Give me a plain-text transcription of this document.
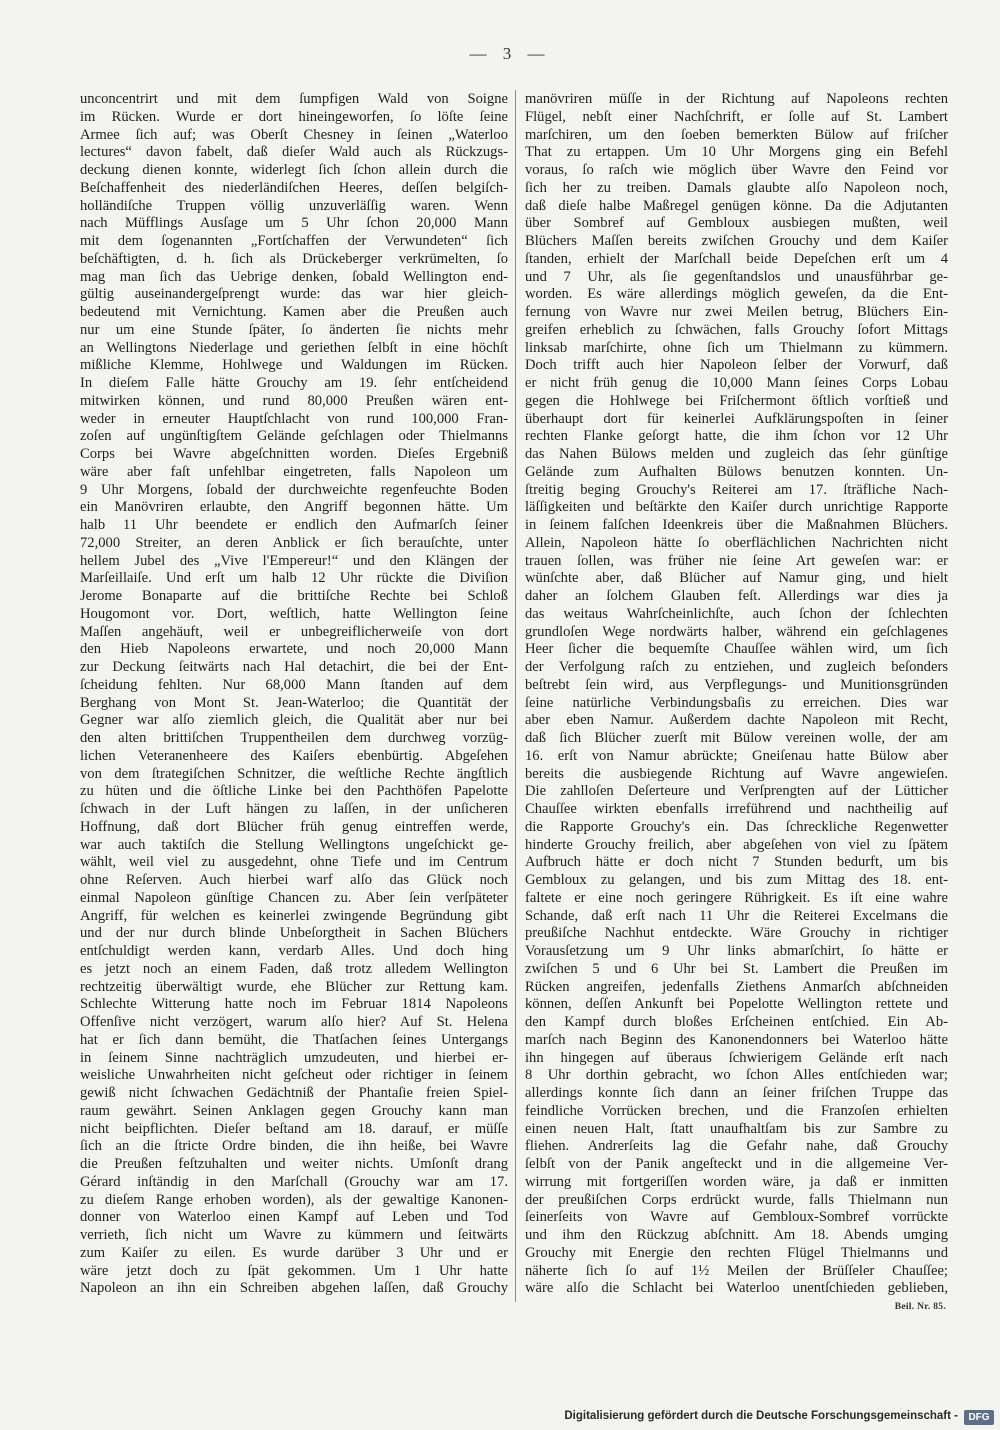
— 3 —
unconcentrirt und mit dem ſumpfigen Wald von Soigne
im Rücken. Wurde er dort hineingeworfen, ſo löſte ſeine
Armee ſich auf; was Oberſt Chesney in ſeinen „Waterloo
lectures“ davon fabelt, daß dieſer Wald auch als Rückzugs-
deckung dienen konnte, widerlegt ſich ſchon allein durch die
Beſchaffenheit des niederländiſchen Heeres, deſſen belgiſch-
holländiſche Truppen völlig unzuverläſſig waren. Wenn
nach Müfflings Ausſage um 5 Uhr ſchon 20,000 Mann
mit dem ſogenannten „Fortſchaffen der Verwundeten“ ſich
beſchäftigten, d. h. ſich als Drückeberger verkrümelten, ſo
mag man ſich das Uebrige denken, ſobald Wellington end-
gültig auseinandergeſprengt wurde: das war hier gleich-
bedeutend mit Vernichtung. Kamen aber die Preußen auch
nur um eine Stunde ſpäter, ſo änderten ſie nichts mehr
an Wellingtons Niederlage und geriethen ſelbſt in eine höchſt
mißliche Klemme, Hohlwege und Waldungen im Rücken.
In dieſem Falle hätte Grouchy am 19. ſehr entſcheidend
mitwirken können, und rund 80,000 Preußen wären ent-
weder in erneuter Hauptſchlacht von rund 100,000 Fran-
zoſen auf ungünſtigſtem Gelände geſchlagen oder Thielmanns
Corps bei Wavre abgeſchnitten worden. Dieſes Ergebniß
wäre aber faſt unfehlbar eingetreten, falls Napoleon um
9 Uhr Morgens, ſobald der durchweichte regenfeuchte Boden
ein Manövriren erlaubte, den Angriff begonnen hätte. Um
halb 11 Uhr beendete er endlich den Aufmarſch ſeiner
72,000 Streiter, an deren Anblick er ſich berauſchte, unter
hellem Jubel des „Vive l'Empereur!“ und den Klängen der
Marſeillaiſe. Und erſt um halb 12 Uhr rückte die Diviſion
Jerome Bonaparte auf die brittiſche Rechte bei Schloß
Hougomont vor. Dort, weſtlich, hatte Wellington ſeine
Maſſen angehäuft, weil er unbegreiflicherweiſe von dort
den Hieb Napoleons erwartete, und noch 20,000 Mann
zur Deckung ſeitwärts nach Hal detachirt, die bei der Ent-
ſcheidung fehlten. Nur 68,000 Mann ſtanden auf dem
Berghang von Mont St. Jean-Waterloo; die Quantität der
Gegner war alſo ziemlich gleich, die Qualität aber nur bei
den alten brittiſchen Truppentheilen dem durchweg vorzüg-
lichen Veteranenheere des Kaiſers ebenbürtig. Abgeſehen
von dem ſtrategiſchen Schnitzer, die weſtliche Rechte ängſtlich
zu hüten und die öſtliche Linke bei den Pachthöfen Papelotte
ſchwach in der Luft hängen zu laſſen, in der unſicheren
Hoffnung, daß dort Blücher früh genug eintreffen werde,
war auch taktiſch die Stellung Wellingtons ungeſchickt ge-
wählt, weil viel zu ausgedehnt, ohne Tiefe und im Centrum
ohne Reſerven. Auch hierbei warf alſo das Glück noch
einmal Napoleon günſtige Chancen zu. Aber ſein verſpäteter
Angriff, für welchen es keinerlei zwingende Begründung gibt
und der nur durch blinde Unbeſorgtheit in Sachen Blüchers
entſchuldigt werden kann, verdarb Alles. Und doch hing
es jetzt noch an einem Faden, daß trotz alledem Wellington
rechtzeitig überwältigt wurde, ehe Blücher zur Rettung kam.
Schlechte Witterung hatte noch im Februar 1814 Napoleons
Offenſive nicht verzögert, warum alſo hier? Auf St. Helena
hat er ſich dann bemüht, die Thatſachen ſeines Untergangs
in ſeinem Sinne nachträglich umzudeuten, und hierbei er-
weisliche Unwahrheiten nicht geſcheut oder richtiger in ſeinem
gewiß nicht ſchwachen Gedächtniß der Phantaſie freien Spiel-
raum gewährt. Seinen Anklagen gegen Grouchy kann man
nicht beipflichten. Dieſer beſtand am 18. darauf, er müſſe
ſich an die ſtricte Ordre binden, die ihn heiße, bei Wavre
die Preußen feſtzuhalten und weiter nichts. Umſonſt drang
Gérard inſtändig in den Marſchall (Grouchy war am 17.
zu dieſem Range erhoben worden), als der gewaltige Kanonen-
donner von Waterloo einen Kampf auf Leben und Tod
verrieth, ſich nicht um Wavre zu kümmern und ſeitwärts
zum Kaiſer zu eilen. Es wurde darüber 3 Uhr und er
wäre jetzt doch zu ſpät gekommen. Um 1 Uhr hatte
Napoleon an ihn ein Schreiben abgehen laſſen, daß Grouchy
manövriren müſſe in der Richtung auf Napoleons rechten
Flügel, nebſt einer Nachſchrift, er ſolle auf St. Lambert
marſchiren, um den ſoeben bemerkten Bülow auf friſcher
That zu ertappen. Um 10 Uhr Morgens ging ein Befehl
voraus, ſo raſch wie möglich über Wavre den Feind vor
ſich her zu treiben. Damals glaubte alſo Napoleon noch,
daß dieſe halbe Maßregel genügen könne. Da die Adjutanten
über Sombref auf Gembloux ausbiegen mußten, weil
Blüchers Maſſen bereits zwiſchen Grouchy und dem Kaiſer
ſtanden, erhielt der Marſchall beide Depeſchen erſt um 4
und 7 Uhr, als ſie gegenſtandslos und unausführbar ge-
worden. Es wäre allerdings möglich geweſen, da die Ent-
fernung von Wavre nur zwei Meilen betrug, Blüchers Ein-
greifen erheblich zu ſchwächen, falls Grouchy ſofort Mittags
linksab marſchirte, ohne ſich um Thielmann zu kümmern.
Doch trifft auch hier Napoleon ſelber der Vorwurf, daß
er nicht früh genug die 10,000 Mann ſeines Corps Lobau
gegen die Hohlwege bei Friſchermont öſtlich vorſtieß und
überhaupt dort für keinerlei Aufklärungspoſten in ſeiner
rechten Flanke geſorgt hatte, die ihm ſchon vor 12 Uhr
das Nahen Bülows melden und zugleich das ſehr günſtige
Gelände zum Aufhalten Bülows benutzen konnten. Un-
ſtreitig beging Grouchy's Reiterei am 17. ſträfliche Nach-
läſſigkeiten und beſtärkte den Kaiſer durch unrichtige Rapporte
in ſeinem falſchen Ideenkreis über die Maßnahmen Blüchers.
Allein, Napoleon hätte ſo oberflächlichen Nachrichten nicht
trauen ſollen, was früher nie ſeine Art geweſen war: er
wünſchte aber, daß Blücher auf Namur ging, und hielt
daher an ſolchem Glauben feſt. Allerdings war dies ja
das weitaus Wahrſcheinlichſte, auch ſchon der ſchlechten
grundloſen Wege nordwärts halber, während ein geſchlagenes
Heer ſicher die bequemſte Chauſſee wählen wird, um ſich
der Verfolgung raſch zu entziehen, und zugleich beſonders
beſtrebt ſein wird, aus Verpflegungs- und Munitionsgründen
ſeine natürliche Verbindungsbaſis zu erreichen. Dies war
aber eben Namur. Außerdem dachte Napoleon mit Recht,
daß ſich Blücher zuerſt mit Bülow vereinen wolle, der am
16. erſt von Namur abrückte; Gneiſenau hatte Bülow aber
bereits die ausbiegende Richtung auf Wavre angewieſen.
Die zahlloſen Deſerteure und Verſprengten auf der Lütticher
Chauſſee wirkten ebenfalls irreführend und nachtheilig auf
die Rapporte Grouchy's ein. Das ſchreckliche Regenwetter
hinderte Grouchy freilich, aber abgeſehen von viel zu ſpätem
Aufbruch hätte er doch nicht 7 Stunden bedurft, um bis
Gembloux zu gelangen, und bis zum Mittag des 18. ent-
faltete er eine noch geringere Rührigkeit. Es iſt eine wahre
Schande, daß erſt nach 11 Uhr die Reiterei Excelmans die
preußiſche Nachhut entdeckte. Wäre Grouchy in richtiger
Vorausſetzung um 9 Uhr links abmarſchirt, ſo hätte er
zwiſchen 5 und 6 Uhr bei St. Lambert die Preußen im
Rücken angreifen, jedenfalls Ziethens Anmarſch abſchneiden
können, deſſen Ankunft bei Popelotte Wellington rettete und
den Kampf durch bloßes Erſcheinen entſchied. Ein Ab-
marſch nach Beginn des Kanonendonners bei Waterloo hätte
ihn hingegen auf überaus ſchwierigem Gelände erſt nach
8 Uhr dorthin gebracht, wo ſchon Alles entſchieden war;
allerdings konnte ſich dann an ſeiner friſchen Truppe das
feindliche Vorrücken brechen, und die Franzoſen erhielten
einen neuen Halt, ſtatt unaufhaltſam bis zur Sambre zu
fliehen. Andrerſeits lag die Gefahr nahe, daß Grouchy
ſelbſt von der Panik angeſteckt und in die allgemeine Ver-
wirrung mit fortgeriſſen worden wäre, ja daß er inmitten
der preußiſchen Corps erdrückt wurde, falls Thielmann nun
ſeinerſeits von Wavre auf Gembloux-Sombref vorrückte
und ihm den Rückzug abſchnitt. Am 18. Abends umging
Grouchy mit Energie den rechten Flügel Thielmanns und
näherte ſich ſo auf 1½ Meilen der Brüſſeler Chauſſee;
wäre alſo die Schlacht bei Waterloo unentſchieden geblieben,
Beil. Nr. 85.
Digitalisierung gefördert durch die Deutsche Forschungsgemeinschaft -	DFG
